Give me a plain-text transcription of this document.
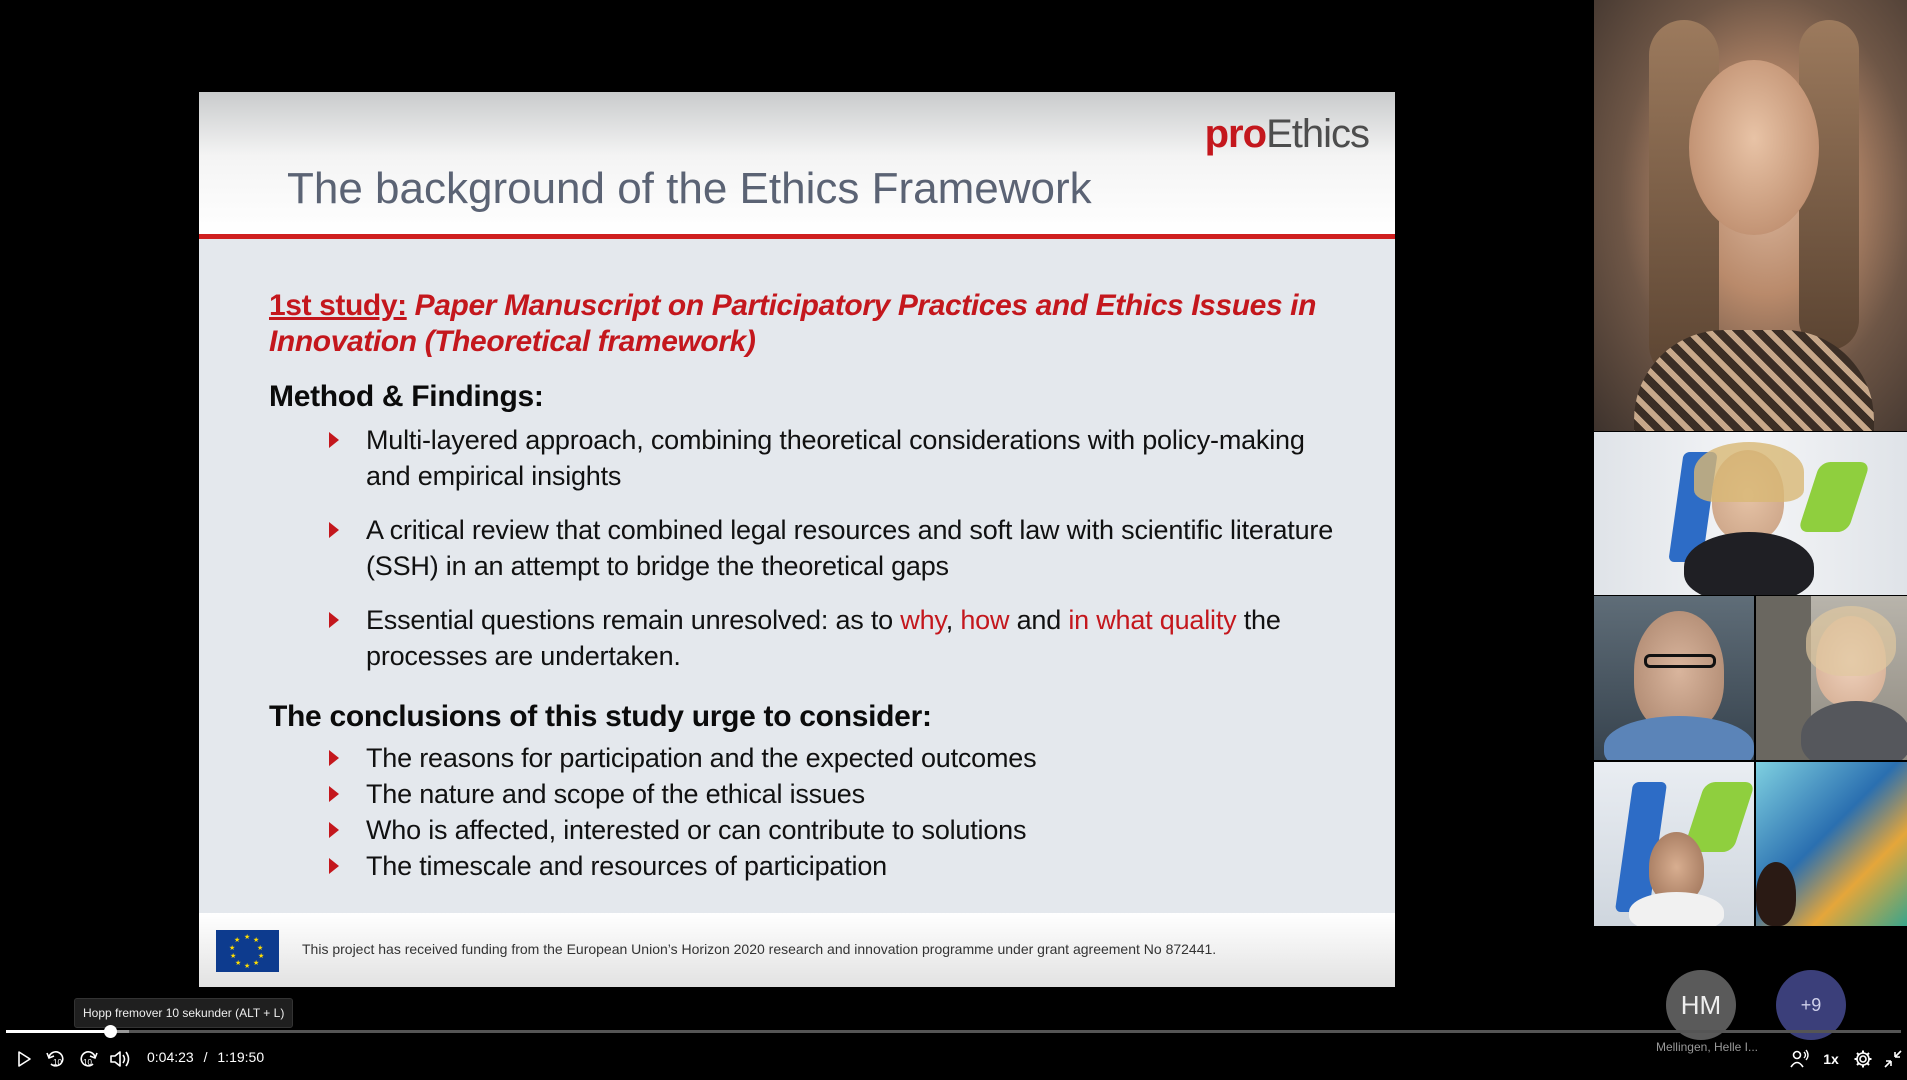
proEthics
The background of the Ethics Framework
1st study: Paper Manuscript on Participatory Practices and Ethics Issues in Innovation (Theoretical framework)
Method & Findings:
Multi-layered approach, combining theoretical considerations with policy-making and empirical insights
A critical review that combined legal resources and soft law with scientific literature (SSH) in an attempt to bridge the theoretical gaps
Essential questions remain unresolved: as to why, how and in what quality the processes are undertaken.
The conclusions of this study urge to consider:
The reasons for participation and the expected outcomes
The nature and scope of the ethical issues
Who is affected, interested or can contribute to solutions
The timescale and resources of participation
★ ★
★
★
★
★
★
★
★
★
This project has received funding from the European Union’s Horizon 2020 research and innovation programme under grant agreement No 872441.
HM
Mellingen, Helle I...
+9
Hopp fremover 10 sekunder (ALT + L)
10	10	0:04:23 / 1:19:50	1x
